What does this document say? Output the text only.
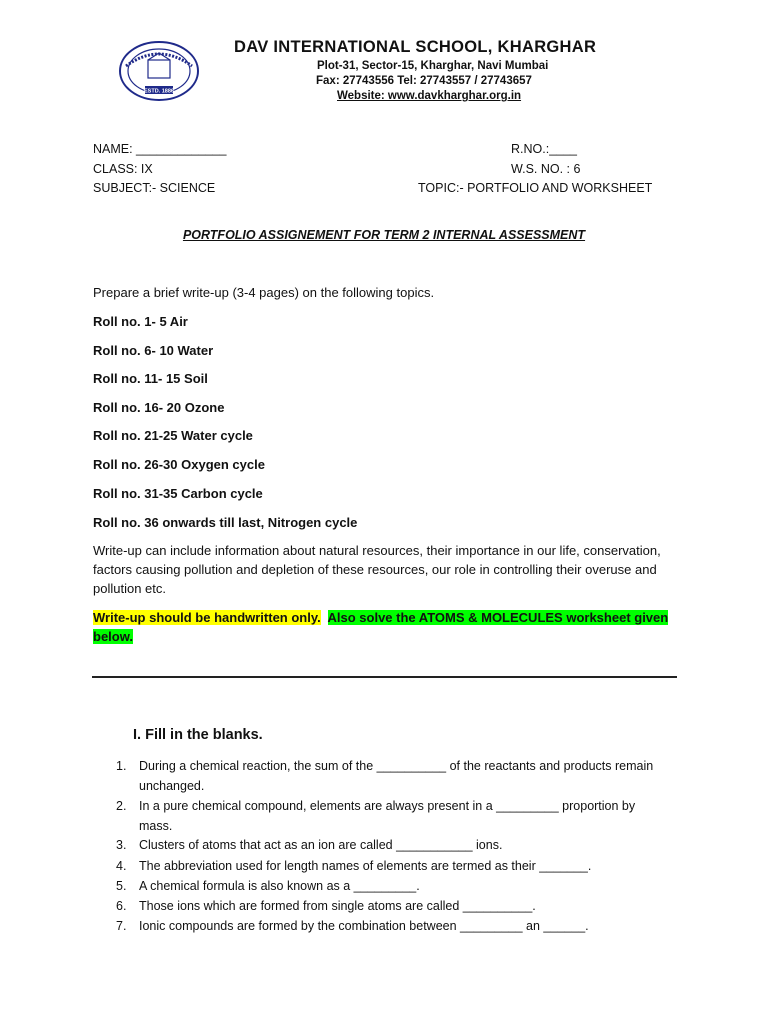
ESTD. 1886
DAV INTERNATIONAL SCHOOL, KHARGHAR
Plot-31, Sector-15, Kharghar, Navi Mumbai
Fax: 27743556 Tel: 27743557 / 27743657
Website: www.davkharghar.org.in
NAME: _____________	R.NO.:____
CLASS: IX	W.S. NO. : 6
SUBJECT:- SCIENCE	TOPIC:- PORTFOLIO AND WORKSHEET
PORTFOLIO ASSIGNEMENT FOR TERM 2 INTERNAL ASSESSMENT
Prepare a brief write-up (3-4 pages) on the following topics.
Roll no. 1- 5 Air
Roll no. 6- 10 Water
Roll no. 11- 15 Soil
Roll no. 16- 20 Ozone
Roll no. 21-25 Water cycle
Roll no. 26-30 Oxygen cycle
Roll no. 31-35 Carbon cycle
Roll no. 36 onwards till last, Nitrogen cycle
Write-up can include information about natural resources, their importance in our life, conservation, factors causing pollution and depletion of these resources, our role in controlling their overuse and pollution etc.
Write-up should be handwritten only. Also solve the ATOMS & MOLECULES worksheet given below.
I. Fill in the blanks.
1. During a chemical reaction, the sum of the __________ of the reactants and products remain unchanged.
2. In a pure chemical compound, elements are always present in a _________ proportion by mass.
3. Clusters of atoms that act as an ion are called ___________ ions.
4. The abbreviation used for length names of elements are termed as their _______.
5. A chemical formula is also known as a _________.
6. Those ions which are formed from single atoms are called __________.
7. Ionic compounds are formed by the combination between _________ an ______.
